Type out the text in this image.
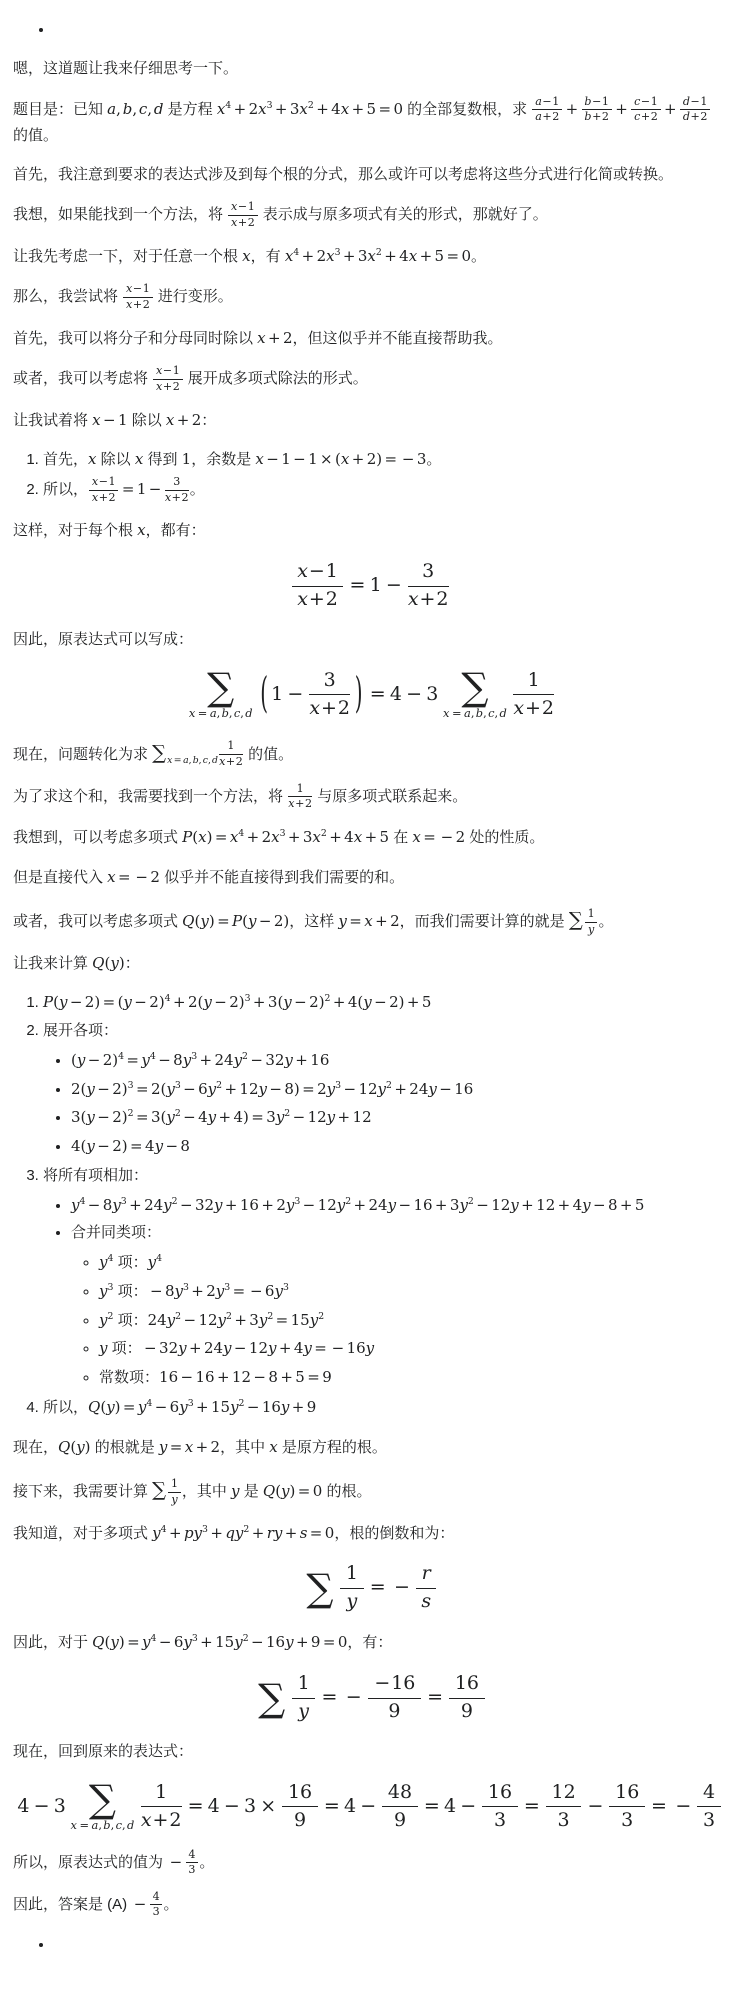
•

嗯，这道题让我来仔细思考一下。

题目是：已知 a, b, c, d 是方程 $x^4 + 2x^3 + 3x^2 + 4x + 5 = 0$ 的全部复数根，求 $\frac{a-1}{a+2} + \frac{b-1}{b+2} + \frac{c-1}{c+2} + \frac{d-1}{d+2}$
的值。

首先，我注意到要求的表达式涉及到每个根的分式，那么或许可以考虑将这些分式进行化简或转换。

我想，如果能找到一个方法，将 $\frac{x-1}{x+2}$ 表示成与原多项式有关的形式，那就好了。

让我先考虑一下，对于任意一个根 x，有 $x^4 + 2x^3 + 3x^2 + 4x + 5 = 0$。

那么，我尝试将 $\frac{x-1}{x+2}$ 进行变形。

首先，我可以将分子和分母同时除以 x + 2，但这似乎并不能直接帮助我。

或者，我可以考虑将 $\frac{x-1}{x+2}$ 展开成多项式除法的形式。

让我试着将 x − 1 除以 x + 2：

1. 首先，x 除以 x 得到 1，余数是 x − 1 − 1 × (x + 2) = − 3。
2. 所以， $\frac{x-1}{x+2} = 1 - \frac{3}{x+2}$ 。

这样，对于每个根 x，都有：

$\frac{x-1}{x+2} = 1 - \frac{3}{x+2}$

因此，原表达式可以写成：

∑
x = a,b,c,d ( $1 - \frac{3}{x+2}$ ) = 4 − 3 ∑
$x = a,b,c,d \frac{1}{x+2}$

现在，问题转化为求 $\sum_{x=a,b,c,d} \frac{1}{x+2}$ 的值。

为了求这个和，我需要找到一个方法，将 $\frac{1}{x+2}$ 与原多项式联系起来。

我想到，可以考虑多项式 $P(x) = x^4 + 2x^3 + 3x^2 + 4x + 5$ 在 x = − 2 处的性质。

但是直接代入 x = − 2 似乎并不能直接得到我们需要的和。

或者，我可以考虑多项式 Q(y) = P(y − 2)，这样 y = x + 2，而我们需要计算的就是 ∑ $\frac{1}{y}$ 。

让我来计算 Q(y)：

1. $P(y - 2) = (y - 2)^4 + 2(y - 2)^3 + 3(y - 2)^2 + 4(y - 2) + 5$
2. 展开各项：
• $(y - 2)^4 = y^4 - 8y^3 + 24y^2 - 32y + 16$
• $2(y - 2)^3 = 2(y^3 - 6y^2 + 12y - 8) = 2y^3 - 12y^2 + 24y - 16$
• $3(y - 2)^2 = 3(y^2 - 4y + 4) = 3y^2 - 12y + 12$
• 4(y − 2) = 4y − 8
3. 将所有项相加：
• $y^4 - 8y^3 + 24y^2 - 32y + 16 + 2y^3 - 12y^2 + 24y - 16 + 3y^2 - 12y + 12 + 4y - 8 + 5$
• 合并同类项：
◦ $y^4$ 项：$y^4$
◦ $y^3$ 项： − $8y^3 + 2y^3$ = − $6y^3$
◦ $y^2$ 项：$24y^2 - 12y^2 + 3y^2 = 15y^2$
◦ y 项： − 32y + 24y − 12y + 4y = − 16y
◦ 常数项：16 − 16 + 12 − 8 + 5 = 9
4. 所以，$Q(y) = y^4 - 6y^3 + 15y^2 - 16y + 9$

现在，Q(y) 的根就是 y = x + 2，其中 x 是原方程的根。

接下来，我需要计算 ∑ $\frac{1}{y}$ ，其中 y 是 Q(y) = 0 的根。

我知道，对于多项式 $y^4 + py^3 + qy^2$ + ry + s = 0，根的倒数和为：

∑ $\frac{1}{y}$ = − $\frac{r}{s}$

因此，对于 $Q(y) = y^4 - 6y^3 + 15y^2 - 16y + 9 = 0$，有：

∑ $\frac{1}{y}$ = − $\frac{-16}{9} = \frac{16}{9}$

现在，回到原来的表达式：

4 − 3 ∑
$x = a,b,c,d \frac{1}{x+2} = 4 - 3 \times \frac{16}{9} = 4 - \frac{48}{9} = 4 - \frac{16}{3} = \frac{12}{3} - \frac{16}{3}$ = − $\frac{4}{3}$

所以，原表达式的值为 − $\frac{4}{3}$ 。

因此，答案是 $(A) - \frac{4}{3}$ 。

•
